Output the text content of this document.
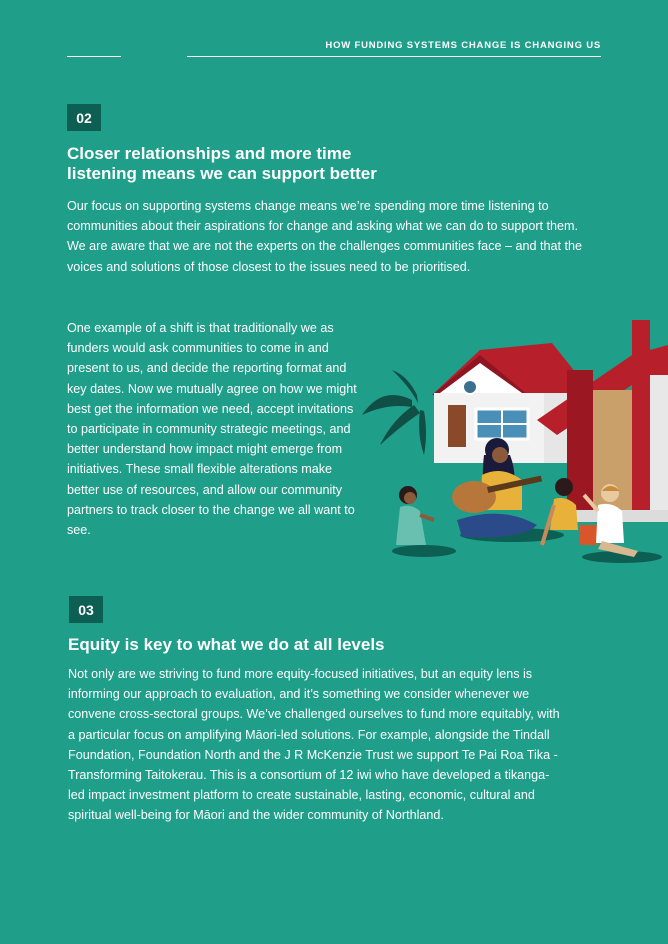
HOW FUNDING SYSTEMS CHANGE IS CHANGING US
02
Closer relationships and more time
listening means we can support better

Our focus on supporting systems change means we’re spending more time listening to communities about their aspirations for change and asking what we can do to support them. We are aware that we are not the experts on the challenges communities face – and that the voices and solutions of those closest to the issues need to be prioritised.

One example of a shift is that traditionally we as funders would ask communities to come in and present to us, and decide the reporting format and key dates. Now we mutually agree on how we might best get the information we need, accept invitations to participate in community strategic meetings, and better understand how impact might emerge from initiatives. These small flexible alterations make better use of resources, and allow our community partners to track closer to the change we all want to see.

03
Equity is key to what we do at all levels

Not only are we striving to fund more equity-focused initiatives, but an equity lens is informing our approach to evaluation, and it’s something we consider whenever we convene cross-sectoral groups. We’ve challenged ourselves to fund more equitably, with a particular focus on amplifying Māori-led solutions. For example, alongside the Tindall Foundation, Foundation North and the J R McKenzie Trust we support Te Pai Roa Tika - Transforming Taitokerau. This is a consortium of 12 iwi who have developed a tikanga-led impact investment platform to create sustainable, lasting, economic, cultural and spiritual well-being for Māori and the wider community of Northland.
